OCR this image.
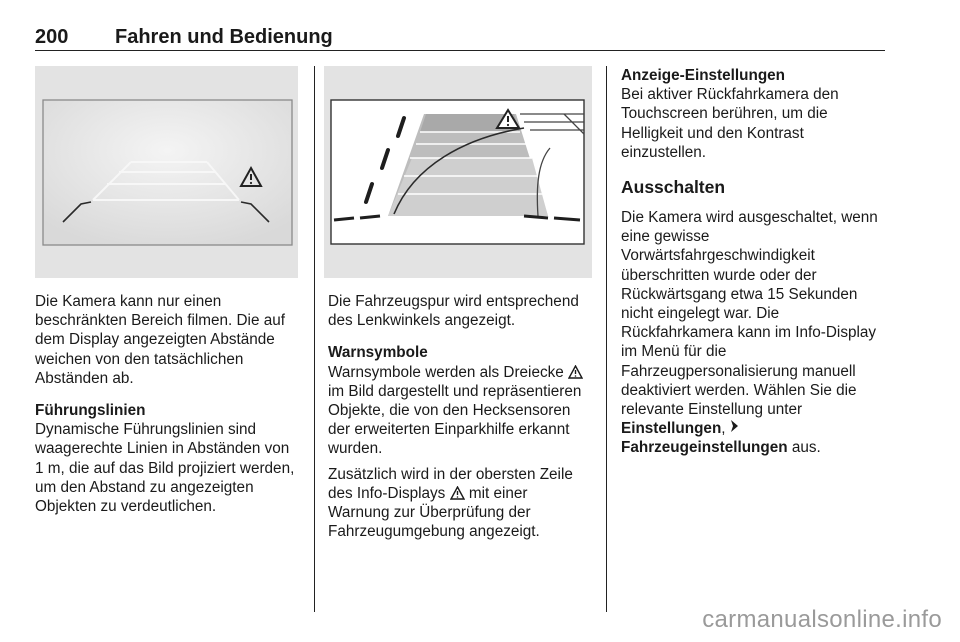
200 Fahren und Bedienung

Die Kamera kann nur einen beschränkten Bereich filmen. Die auf dem Display angezeigten Abstände weichen von den tatsächlichen Abständen ab.

Führungslinien
Dynamische Führungslinien sind waagerechte Linien in Abständen von 1 m, die auf das Bild projiziert werden, um den Abstand zu angezeigten Objekten zu verdeutlichen.

Die Fahrzeugspur wird entsprechend des Lenkwinkels angezeigt.

Warnsymbole
Warnsymbole werden als Dreiecke  im Bild dargestellt und repräsentieren Objekte, die von den Hecksensoren der erweiterten Einparkhilfe erkannt wurden.

Zusätzlich wird in der obersten Zeile des Info-Displays mit einer Warnung zur Überprüfung der Fahrzeugumgebung angezeigt.

Anzeige-Einstellungen
Bei aktiver Rückfahrkamera den Touchscreen berühren, um die Helligkeit und den Kontrast einzustellen.

Ausschalten

Die Kamera wird ausgeschaltet, wenn eine gewisse Vorwärtsfahrgeschwindigkeit überschritten wurde oder der Rückwärtsgang etwa 15 Sekunden nicht eingelegt war. Die Rückfahrkamera kann im Info-Display im Menü für die Fahrzeugpersonalisierung manuell deaktiviert werden. Wählen Sie die relevante Einstellung unter Einstellungen,  Fahrzeugeinstellungen aus.

carmanualsonline.info
